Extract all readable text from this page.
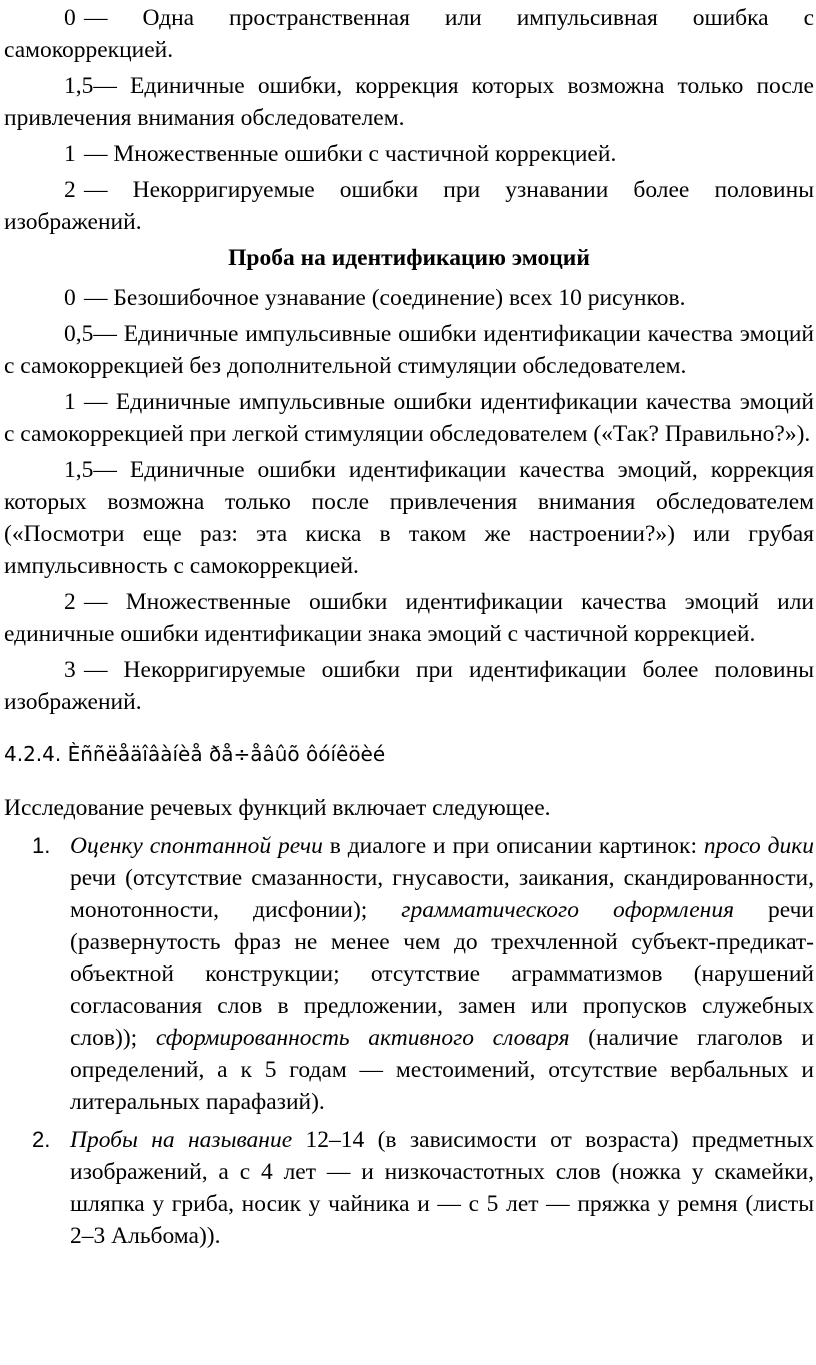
0 — Одна пространственная или импульсивная ошибка с самокоррекцией.

1,5— Единичные ошибки, коррекция которых возможна только после привлечения внимания обследователем.

1 — Множественные ошибки с частичной коррекцией.

2 — Некорригируемые ошибки при узнавании более половины изображений.

Проба на идентификацию эмоций

0 — Безошибочное узнавание (соединение) всех 10 рисунков.

0,5— Единичные импульсивные ошибки идентификации качества эмоций с самокоррекцией без дополнительной стимуляции обследователем.

1 — Единичные импульсивные ошибки идентификации качества эмоций с самокоррекцией при легкой стимуляции обследователем («Так? Правильно?»).

1,5— Единичные ошибки идентификации качества эмоций, коррекция которых возможна только после привлечения внимания обследователем («Посмотри еще раз: эта киска в таком же настроении?») или грубая импульсивность с самокоррекцией.

2 — Множественные ошибки идентификации качества эмоций или единичные ошибки идентификации знака эмоций с частичной коррекцией.

3 — Некорригируемые ошибки при идентификации более половины изображений.

4.2.4. Èññëåäîâàíèå ðå÷åâûõ ôóíêöèé

Исследование речевых функций включает следующее.

1. Оценку спонтанной речи в диалоге и при описании картинок: просо дики речи (отсутствие смазанности, гнусавости, заикания, скандированности, монотонности, дисфонии); грамматического оформления речи (развернутость фраз не менее чем до трехчленной субъект-предикат-объектной конструкции; отсутствие аграмматизмов (нарушений согласования слов в предложении, замен или пропусков служебных слов)); сформированность активного словаря (наличие глаголов и определений, а к 5 годам — местоимений, отсутствие вербальных и литеральных парафазий).
2. Пробы на называние 12–14 (в зависимости от возраста) предметных изображений, а с 4 лет — и низкочастотных слов (ножка у скамейки, шляпка у гриба, носик у чайника и — с 5 лет — пряжка у ремня (листы 2–3 Альбома)).
